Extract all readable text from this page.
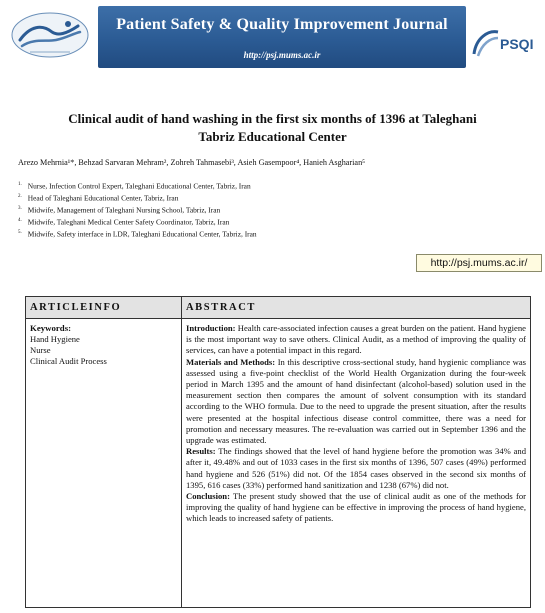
Patient Safety & Quality Improvement Journal
http://psj.mums.ac.ir
PSQI
Clinical audit of hand washing in the first six months of 1396 at Taleghani
Tabriz Educational Center
Arezo Mehrnia¹*, Behzad Sarvaran Mehram², Zohreh Tahmasebi³, Asieh Gasempoor⁴, Hanieh Asgharian⁵
$^{1.}$ Nurse, Infection Control Expert, Taleghani Educational Center, Tabriz, Iran
$^{2.}$ Head of Taleghani Educational Center, Tabriz, Iran
$^{3.}$ Midwife, Management of Taleghani Nursing School, Tabriz, Iran
$^{4.}$ Midwife, Taleghani Medical Center Safety Coordinator, Tabriz, Iran
$^{5.}$ Midwife, Safety interface in LDR, Taleghani Educational Center, Tabriz, Iran
http://psj.mums.ac.ir/
ARTICLEINFO	ABSTRACT
Keywords:
Hand Hygiene
Nurse
Clinical Audit Process

Introduction: Health care-associated infection causes a great burden on the patient. Hand hygiene is the most important way to save others. Clinical Audit, as a method of improving the quality of services, can have a potential impact in this regard.

Materials and Methods: In this descriptive cross-sectional study, hand hygienic compliance was assessed using a five-point checklist of the World Health Organization during the four-week period in March 1395 and the amount of hand disinfectant (alcohol-based) solution used in the measurement section then compares the amount of solvent consumption with its standard according to the WHO formula. Due to the need to upgrade the present situation, after the results were presented at the hospital infectious disease control committee, there was a need for promotion and necessary measures. The re-evaluation was carried out in September 1396 and the upgrade was estimated.

Results: The findings showed that the level of hand hygiene before the promotion was 34% and after it, 49.48% and out of 1033 cases in the first six months of 1396, 507 cases (49%) performed hand hygiene and 526 (51%) did not. Of the 1854 cases observed in the second six months of 1395, 616 cases (33%) performed hand sanitization and 1238 (67%) did not.

Conclusion: The present study showed that the use of clinical audit as one of the methods for improving the quality of hand hygiene can be effective in improving the process of hand hygiene, which leads to increased safety of patients.
